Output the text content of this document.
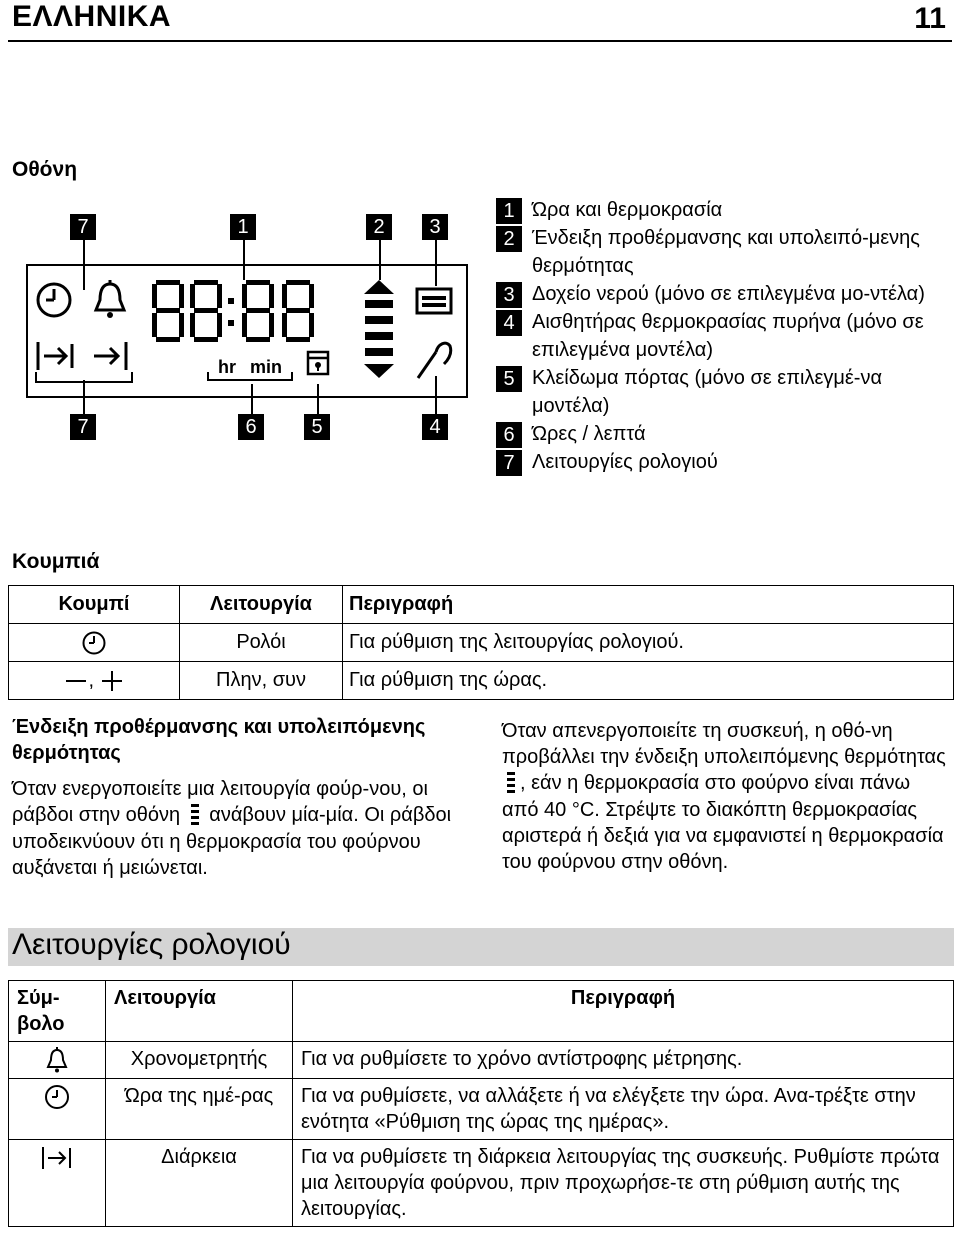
ΕΛΛΗΝΙΚΑ	11
Οθόνη
7	1	2	3
7	6	5	4
hr min
1 Ώρα και θερμοκρασία
2 Ένδειξη προθέρμανσης και υπολειπό-μενης θερμότητας
3 Δοχείο νερού (μόνο σε επιλεγμένα μο-ντέλα)
4 Αισθητήρας θερμοκρασίας πυρήνα (μόνο σε επιλεγμένα μοντέλα)
5 Κλείδωμα πόρτας (μόνο σε επιλεγμέ-να μοντέλα)
6 Ώρες / λεπτά
7 Λειτουργίες ρολογιού
Κουμπιά
Κουμπί	Λειτουργία	Περιγραφή
	Ρολόι	Για ρύθμιση της λειτουργίας ρολογιού.
,	Πλην, συν	Για ρύθμιση της ώρας.
Ένδειξη προθέρμανσης και υπολειπόμενης θερμότητας
Όταν ενεργοποιείτε μια λειτουργία φούρ-νου, οι ράβδοι στην οθόνη ανάβουν μία-μία. Οι ράβδοι υποδεικνύουν ότι η θερμοκρασία του φούρνου αυξάνεται ή μειώνεται.
Όταν απενεργοποιείτε τη συσκευή, η οθό-νη προβάλλει την ένδειξη υπολειπόμενης θερμότητας , εάν η θερμοκρασία στο φούρνο είναι πάνω από 40 °C. Στρέψτε το διακόπτη θερμοκρασίας αριστερά ή δεξιά για να εμφανιστεί η θερμοκρασία του φούρνου στην οθόνη.
Λειτουργίες ρολογιού
Σύμ-βολο	Λειτουργία	Περιγραφή
	Χρονομετρητής	Για να ρυθμίσετε το χρόνο αντίστροφης μέτρησης.
	Ώρα της ημέ-ρας	Για να ρυθμίσετε, να αλλάξετε ή να ελέγξετε την ώρα. Ανα-τρέξτε στην ενότητα «Ρύθμιση της ώρας της ημέρας».
	Διάρκεια	Για να ρυθμίσετε τη διάρκεια λειτουργίας της συσκευής. Ρυθμίστε πρώτα μια λειτουργία φούρνου, πριν προχωρήσε-τε στη ρύθμιση αυτής της λειτουργίας.
